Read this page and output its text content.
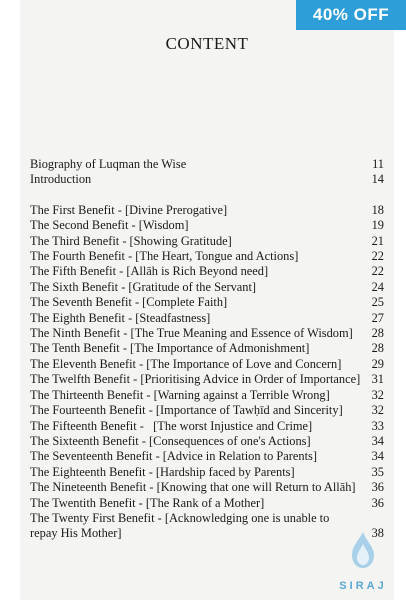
CONTENT
Biography of Luqman the Wise	11
Introduction	14
The First Benefit - [Divine Prerogative]	18
The Second Benefit - [Wisdom]	19
The Third Benefit - [Showing Gratitude]	21
The Fourth Benefit - [The Heart, Tongue and Actions]	22
The Fifth Benefit - [Allāh is Rich Beyond need]	22
The Sixth Benefit - [Gratitude of the Servant]	24
The Seventh Benefit - [Complete Faith]	25
The Eighth Benefit - [Steadfastness]	27
The Ninth Benefit - [The True Meaning and Essence of Wisdom]	28
The Tenth Benefit - [The Importance of Admonishment]	28
The Eleventh Benefit - [The Importance of Love and Concern]	29
The Twelfth Benefit - [Prioritising Advice in Order of Importance] 31
The Thirteenth Benefit - [Warning against a Terrible Wrong]	32
The Fourteenth Benefit - [Importance of Tawḥīd and Sincerity]	32
The Fifteenth Benefit -   [The worst Injustice and Crime]	33
The Sixteenth Benefit - [Consequences of one's Actions]	34
The Seventeenth Benefit - [Advice in Relation to Parents]	34
The Eighteenth Benefit - [Hardship faced by Parents]	35
The Nineteenth Benefit - [Knowing that one will Return to Allāh]	36
The Twentith Benefit - [The Rank of a Mother]	36
The Twenty First Benefit - [Acknowledging one is unable to repay His Mother]	38
40% OFF
SIRAJ
